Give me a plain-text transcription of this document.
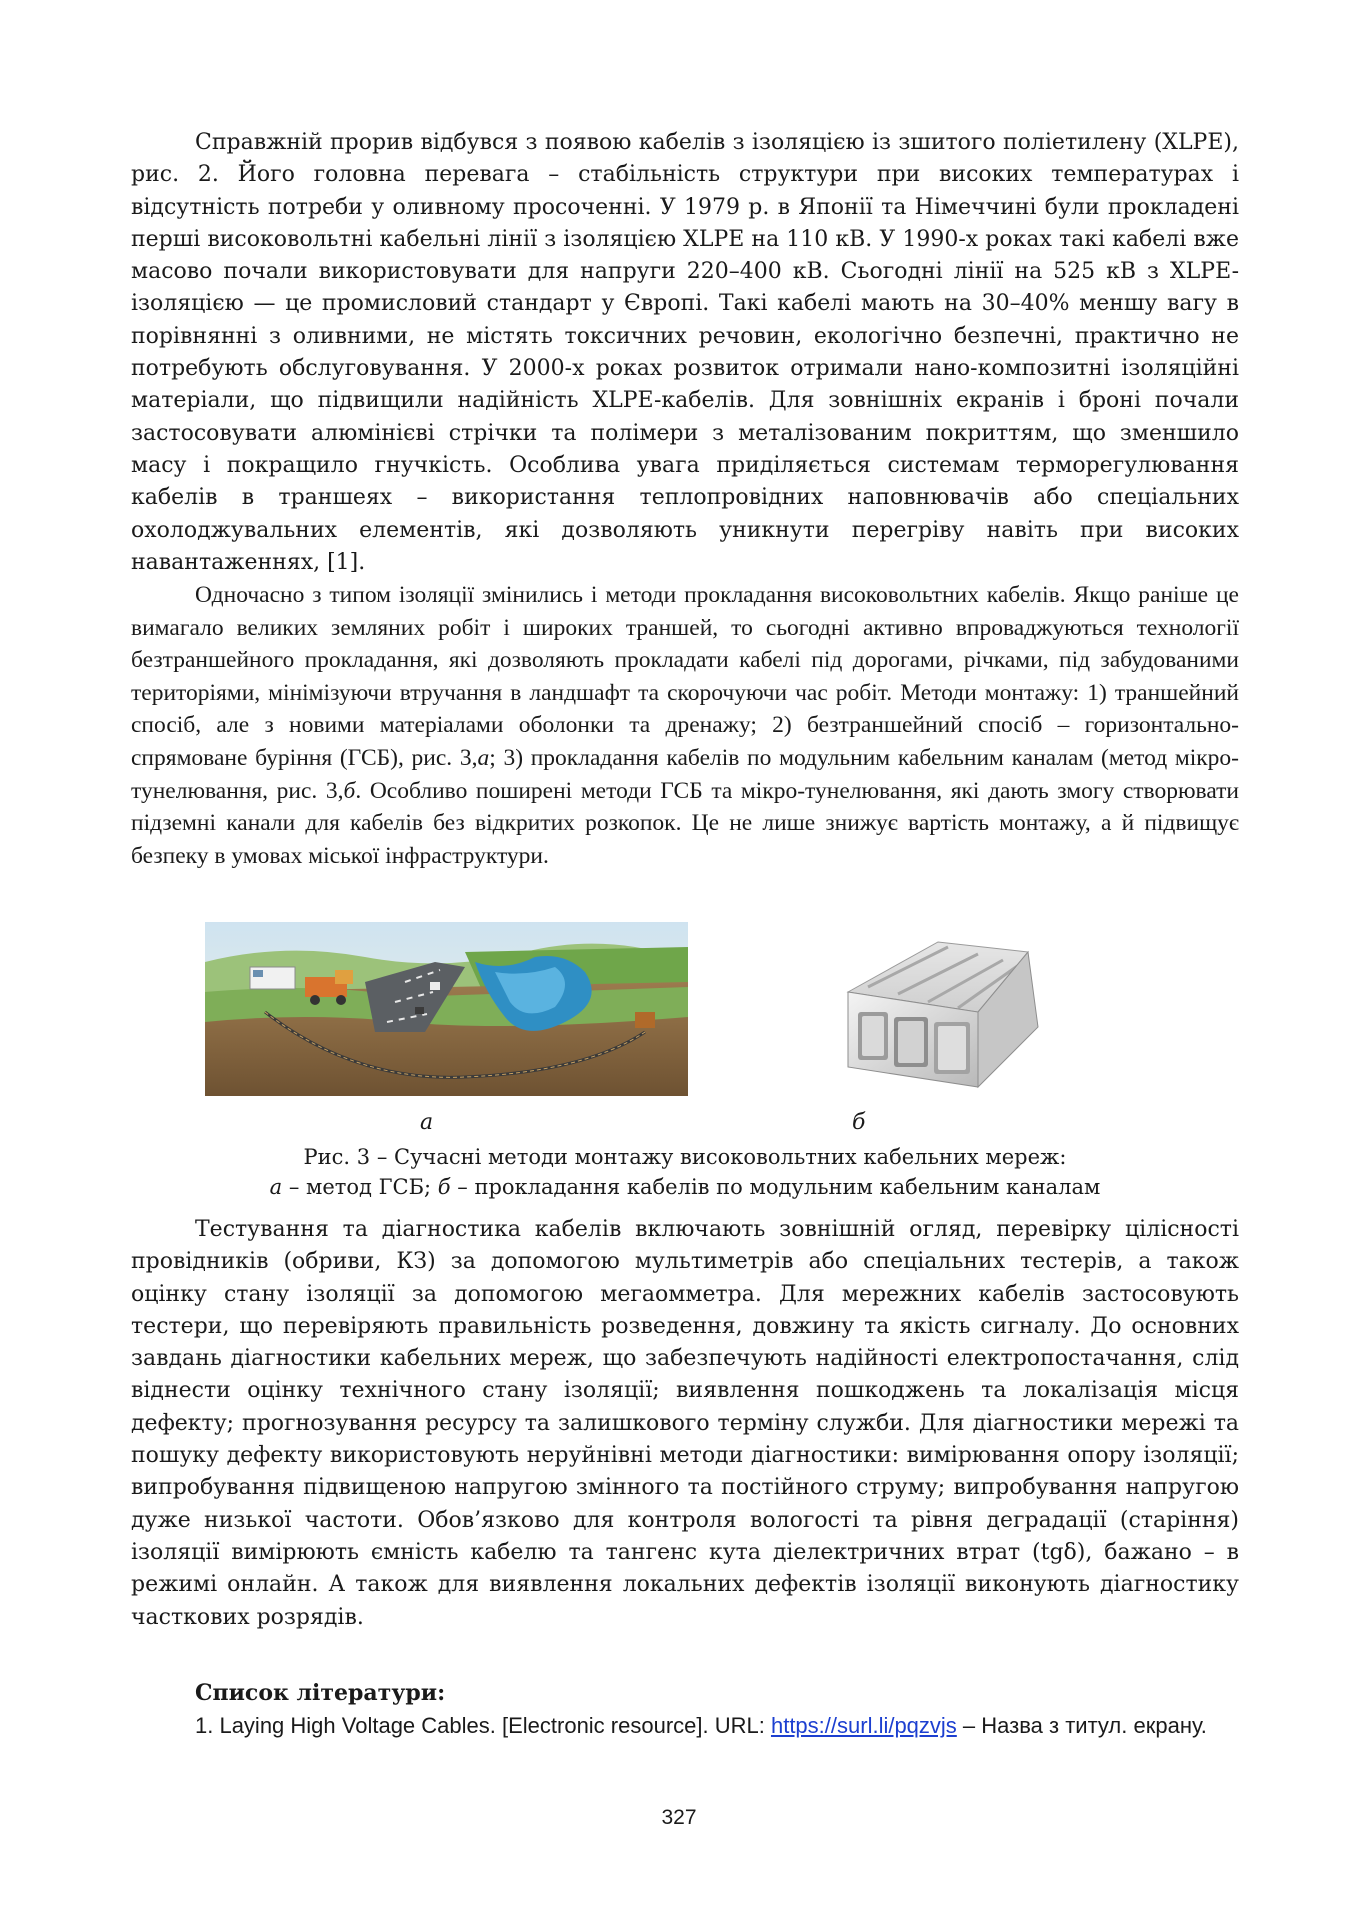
Справжній прорив відбувся з появою кабелів з ізоляцією із зшитого поліетилену (XLPE), рис. 2. Його головна перевага – стабільність структури при високих температурах і відсутність потреби у оливному просоченні. У 1979 р. в Японії та Німеччині були прокладені перші високовольтні кабельні лінії з ізоляцією XLPE на 110 кВ. У 1990-х роках такі кабелі вже масово почали використовувати для напруги 220–400 кВ. Сьогодні лінії на 525 кВ з XLPE-ізоляцією — це промисловий стандарт у Європі. Такі кабелі мають на 30–40% меншу вагу в порівнянні з оливними, не містять токсичних речовин, екологічно безпечні, практично не потребують обслуговування. У 2000-х роках розвиток отримали нано-композитні ізоляційні матеріали, що підвищили надійність XLPE-кабелів. Для зовнішніх екранів і броні почали застосовувати алюмінієві стрічки та полімери з металізованим покриттям, що зменшило масу і покращило гнучкість. Особлива увага приділяється системам терморегулювання кабелів в траншеях – використання теплопровідних наповнювачів або спеціальних охолоджувальних елементів, які дозволяють уникнути перегріву навіть при високих навантаженнях, [1].

Одночасно з типом ізоляції змінились і методи прокладання високовольтних кабелів. Якщо раніше це вимагало великих земляних робіт і широких траншей, то сьогодні активно впроваджуються технології безтраншейного прокладання, які дозволяють прокладати кабелі під дорогами, річками, під забудованими територіями, мінімізуючи втручання в ландшафт та скорочуючи час робіт. Методи монтажу: 1) траншейний спосіб, але з новими матеріалами оболонки та дренажу; 2) безтраншейний спосіб – горизонтально-спрямоване буріння (ГСБ), рис. 3,а; 3) прокладання кабелів по модульним кабельним каналам (метод мікро-тунелювання, рис. 3,б. Особливо поширені методи ГСБ та мікро-тунелювання, які дають змогу створювати підземні канали для кабелів без відкритих розкопок. Це не лише знижує вартість монтажу, а й підвищує безпеку в умовах міської інфраструктури.

а	б

Рис. 3 – Сучасні методи монтажу високовольтних кабельних мереж:

а – метод ГСБ; б – прокладання кабелів по модульним кабельним каналам

Тестування та діагностика кабелів включають зовнішній огляд, перевірку цілісності провідників (обриви, КЗ) за допомогою мультиметрів або спеціальних тестерів, а також оцінку стану ізоляції за допомогою мегаомметра. Для мережних кабелів застосовують тестери, що перевіряють правильність розведення, довжину та якість сигналу. До основних завдань діагностики кабельних мереж, що забезпечують надійності електропостачання, слід віднести оцінку технічного стану ізоляції; виявлення пошкоджень та локалізація місця дефекту; прогнозування ресурсу та залишкового терміну служби. Для діагностики мережі та пошуку дефекту використовують неруйнівні методи діагностики: вимірювання опору ізоляції; випробування підвищеною напругою змінного та постійного струму; випробування напругою дуже низької частоти. Обов’язково для контроля вологості та рівня деградації (старіння) ізоляції вимірюють ємність кабелю та тангенс кута діелектричних втрат (tgδ), бажано – в режимі онлайн. А також для виявлення локальних дефектів ізоляції виконують діагностику часткових розрядів.

Список літератури:

1. Laying High Voltage Cables. [Electronic resource]. URL: https://surl.li/pqzvjs – Назва з титул. екрану.

327
